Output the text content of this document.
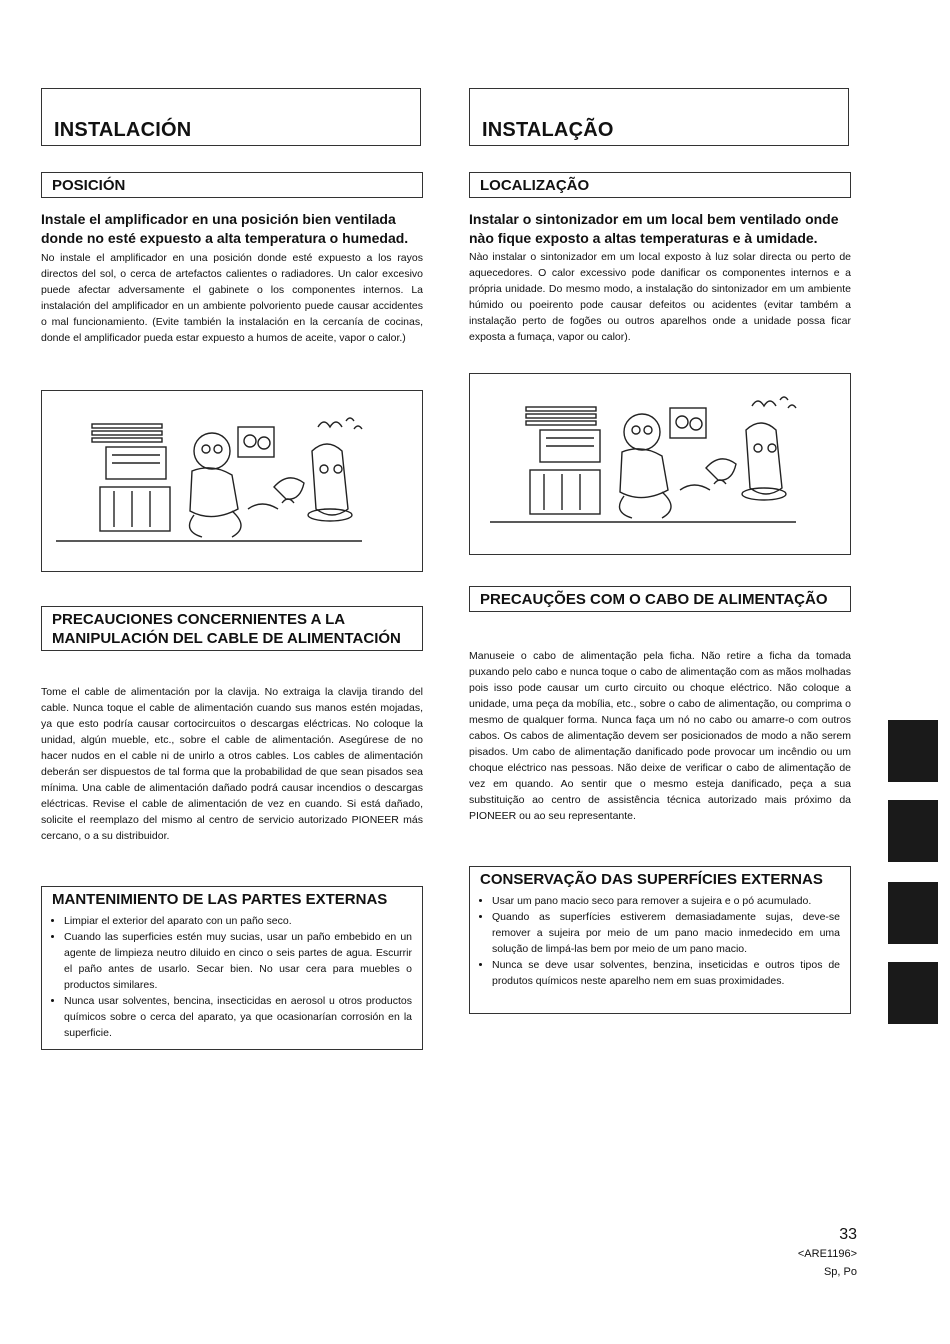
INSTALACIÓN
POSICIÓN
Instale el amplificador en una posición bien ventilada donde no esté expuesto a alta temperatura o humedad.
No instale el amplificador en una posición donde esté expuesto a los rayos directos del sol, o cerca de artefactos calientes o radiadores. Un calor excesivo puede afectar adversamente el gabinete o los componentes internos. La instalación del amplificador en un ambiente polvoriento puede causar accidentes o mal funcionamiento. (Evite también la instalación en la cercanía de cocinas, donde el amplificador pueda estar expuesto a humos de aceite, vapor o calor.)
PRECAUCIONES CONCERNIENTES A LA MANIPULACIÓN DEL CABLE DE ALIMENTACIÓN
Tome el cable de alimentación por la clavija. No extraiga la clavija tirando del cable. Nunca toque el cable de alimentación cuando sus manos estén mojadas, ya que esto podría causar cortocircuitos o descargas eléctricas. No coloque la unidad, algún mueble, etc., sobre el cable de alimentación. Asegúrese de no hacer nudos en el cable ni de unirlo a otros cables. Los cables de alimentación deberán ser dispuestos de tal forma que la probabilidad de que sean pisados sea mínima. Una cable de alimentación dañado podrá causar incendios o descargas eléctricas. Revise el cable de alimentación de vez en cuando. Si está dañado, solicite el reemplazo del mismo al centro de servicio autorizado PIONEER más cercano, o a su distribuidor.
MANTENIMIENTO DE LAS PARTES EXTERNAS
• Limpiar el exterior del aparato con un paño seco.
• Cuando las superficies estén muy sucias, usar un paño embebido en un agente de limpieza neutro diluido en cinco o seis partes de agua. Escurrir el paño antes de usarlo. Secar bien. No usar cera para muebles o productos similares.
• Nunca usar solventes, bencina, insecticidas en aerosol u otros productos químicos sobre o cerca del aparato, ya que ocasionarían corrosión en la superficie.
INSTALAÇÃO
LOCALIZAÇÃO
Instalar o sintonizador em um local bem ventilado onde nào fique exposto a altas temperaturas e à umidade.
Nào instalar o sintonizador em um local exposto à luz solar directa ou perto de aquecedores. O calor excessivo pode danificar os componentes internos e a própria unidade. Do mesmo modo, a instalação do sintonizador em um ambiente húmido ou poeirento pode causar defeitos ou acidentes (evitar também a instalação perto de fogões ou outros aparelhos onde a unidade possa ficar exposta a fumaça, vapor ou calor).
PRECAUÇÕES COM O CABO DE ALIMENTAÇÃO
Manuseie o cabo de alimentação pela ficha. Não retire a ficha da tomada puxando pelo cabo e nunca toque o cabo de alimentação com as mãos molhadas pois isso pode causar um curto circuito ou choque eléctrico. Não coloque a unidade, uma peça da mobília, etc., sobre o cabo de alimentação, ou comprima o mesmo de qualquer forma. Nunca faça um nó no cabo ou amarre-o com outros cabos. Os cabos de alimentação devem ser posicionados de modo a não serem pisados. Um cabo de alimentação danificado pode provocar um incêndio ou um choque eléctrico nas pessoas. Não deixe de verificar o cabo de alimentação de vez em quando. Ao sentir que o mesmo esteja danificado, peça a sua substituição ao centro de assistência técnica autorizado mais próximo da PIONEER ou ao seu representante.
CONSERVAÇÃO DAS SUPERFÍCIES EXTERNAS
• Usar um pano macio seco para remover a sujeira e o pó acumulado.
• Quando as superfícies estiverem demasiadamente sujas, deve-se remover a sujeira por meio de um pano macio inmedecido em uma solução de limpá-las bem por meio de um pano macio.
• Nunca se deve usar solventes, benzina, inseticidas e outros tipos de produtos químicos neste aparelho nem em suas proximidades.
33
<ARE1196>
Sp, Po
